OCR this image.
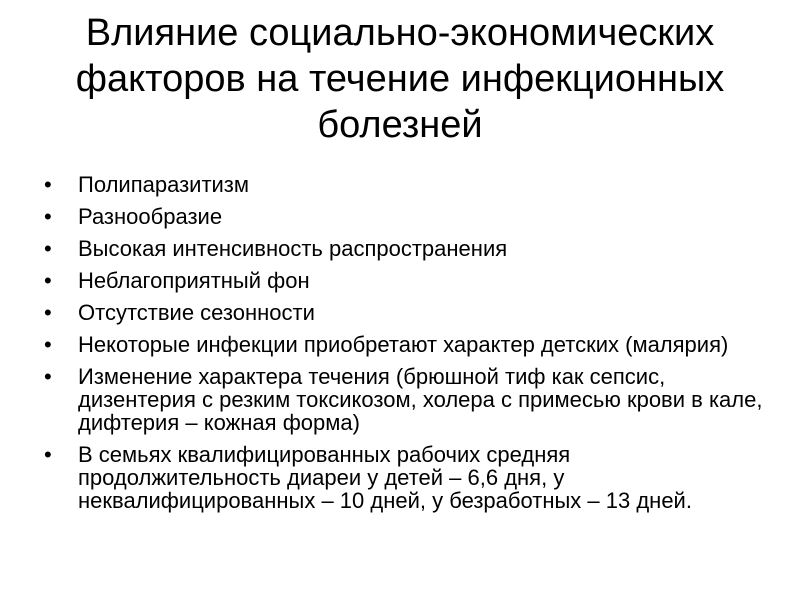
Влияние социально-экономических факторов на течение инфекционных болезней
•	Полипаразитизм
•	Разнообразие
•	Высокая интенсивность распространения
•	Неблагоприятный фон
•	Отсутствие сезонности
•	Некоторые инфекции приобретают характер детских (малярия)
•	Изменение характера течения (брюшной тиф как сепсис, дизентерия с резким токсикозом, холера с примесью крови в кале, дифтерия – кожная форма)
•	В семьях квалифицированных рабочих средняя продолжительность диареи у детей – 6,6 дня, у неквалифицированных – 10 дней, у безработных – 13 дней.
